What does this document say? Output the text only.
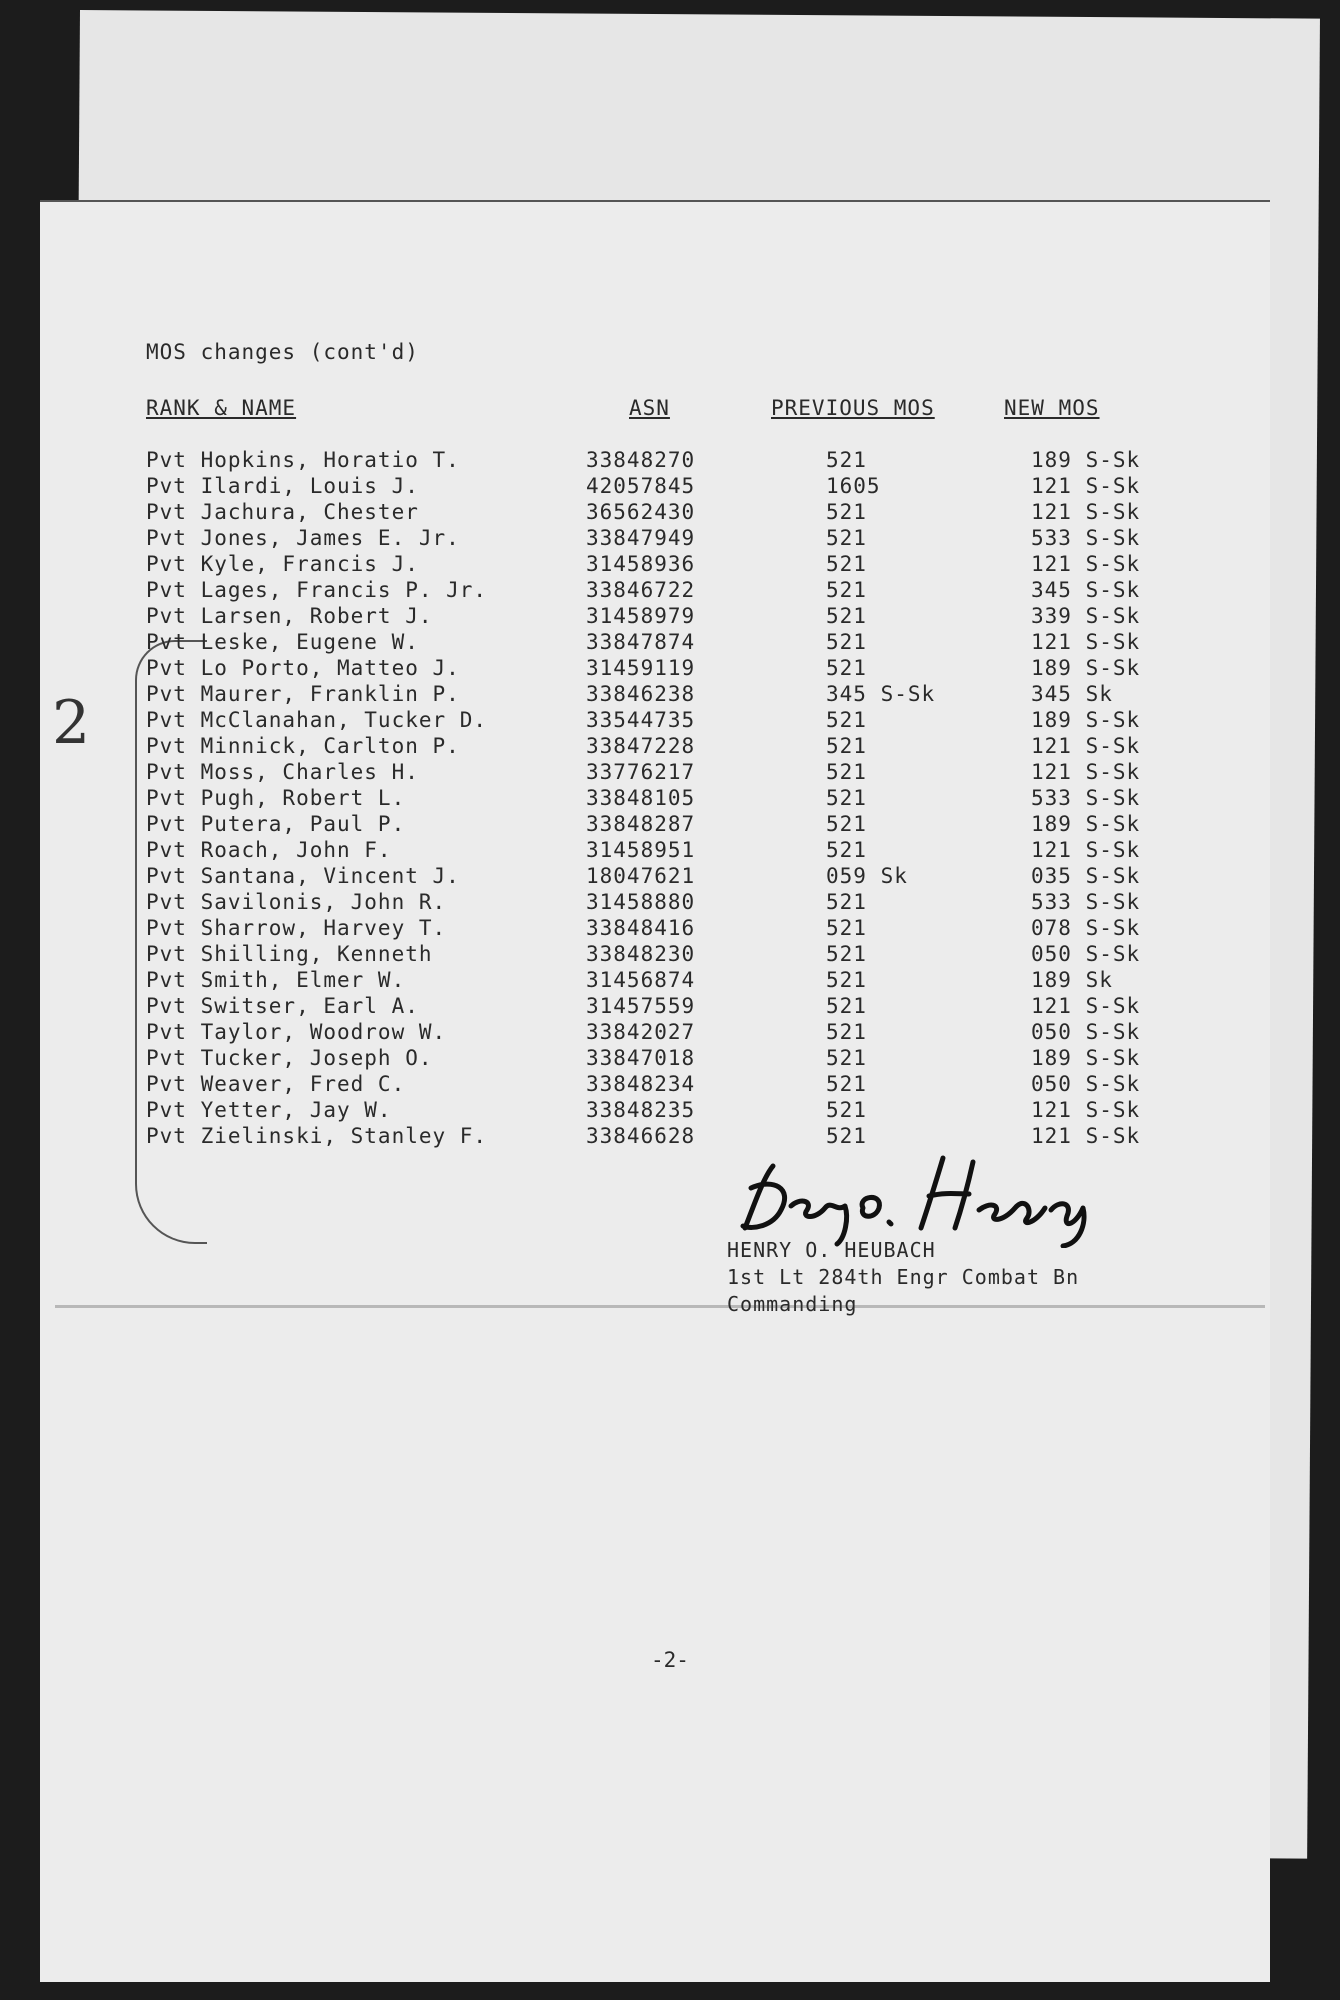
2
MOS changes (cont'd)
RANK & NAME	ASN	PREVIOUS MOS	NEW MOS
Pvt Hopkins, Horatio T.	33848270	521	189 S-Sk
Pvt Ilardi, Louis J.	42057845	1605	121 S-Sk
Pvt Jachura, Chester	36562430	521	121 S-Sk
Pvt Jones, James E. Jr.	33847949	521	533 S-Sk
Pvt Kyle, Francis J.	31458936	521	121 S-Sk
Pvt Lages, Francis P. Jr.	33846722	521	345 S-Sk
Pvt Larsen, Robert J.	31458979	521	339 S-Sk
Pvt Leske, Eugene W.	33847874	521	121 S-Sk
Pvt Lo Porto, Matteo J.	31459119	521	189 S-Sk
Pvt Maurer, Franklin P.	33846238	345 S-Sk	345 Sk
Pvt McClanahan, Tucker D.	33544735	521	189 S-Sk
Pvt Minnick, Carlton P.	33847228	521	121 S-Sk
Pvt Moss, Charles H.	33776217	521	121 S-Sk
Pvt Pugh, Robert L.	33848105	521	533 S-Sk
Pvt Putera, Paul P.	33848287	521	189 S-Sk
Pvt Roach, John F.	31458951	521	121 S-Sk
Pvt Santana, Vincent J.	18047621	059 Sk	035 S-Sk
Pvt Savilonis, John R.	31458880	521	533 S-Sk
Pvt Sharrow, Harvey T.	33848416	521	078 S-Sk
Pvt Shilling, Kenneth	33848230	521	050 S-Sk
Pvt Smith, Elmer W.	31456874	521	189 Sk
Pvt Switser, Earl A.	31457559	521	121 S-Sk
Pvt Taylor, Woodrow W.	33842027	521	050 S-Sk
Pvt Tucker, Joseph O.	33847018	521	189 S-Sk
Pvt Weaver, Fred C.	33848234	521	050 S-Sk
Pvt Yetter, Jay W.	33848235	521	121 S-Sk
Pvt Zielinski, Stanley F.	33846628	521	121 S-Sk
HENRY O. HEUBACH
1st Lt 284th Engr Combat Bn
Commanding
-2-
